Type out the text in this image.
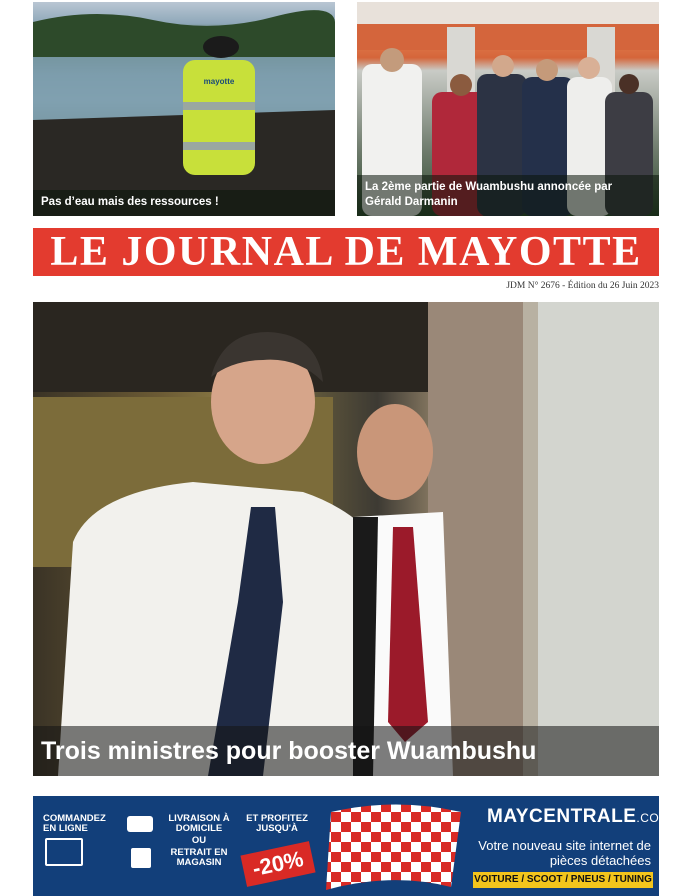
mayotte
Pas d’eau mais des ressources !
La 2ème partie de Wuambushu annoncée par Gérald Darmanin
LE JOURNAL DE MAYOTTE
JDM N° 2676 - Édition du 26 Juin 2023
Trois ministres pour booster Wuambushu
COMMANDEZ EN LIGNE
LIVRAISON À DOMICILE
OU
RETRAIT EN MAGASIN
ET PROFITEZ JUSQU'À
-20%
MAYCENTRALE.COM
Votre nouveau site internet de pièces détachées
VOITURE / SCOOT / PNEUS / TUNING
